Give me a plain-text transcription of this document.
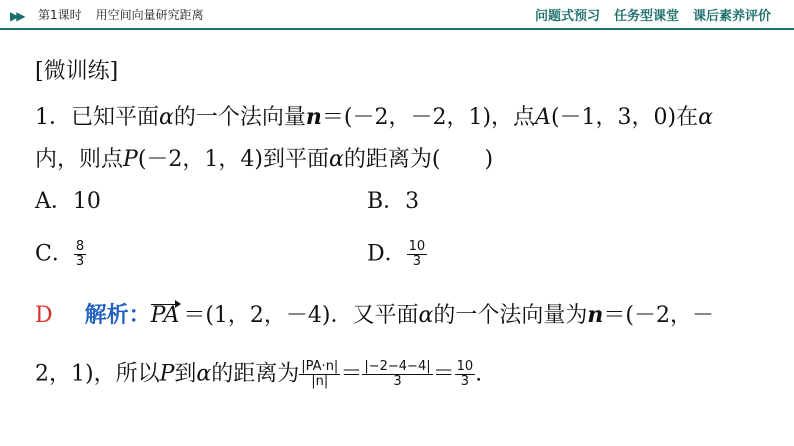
▶▶ 第1课时 用空间向量研究距离	问题式预习 任务型课堂 课后素养评价
[微训练]
1．已知平面α的一个法向量n＝(－2，－2，1)，点A(－1，3，0)在α
内，则点P(－2，1，4)到平面α的距离为(　　)
A．10	B．3
C． $\frac{8}{3}$	D． $\frac{10}{3}$
D 解析：PA ＝(1，2，－4)．又平面α的一个法向量为n＝(－2，－
2，1)，所以P到α的距离为 $\frac{|PA\cdot n|}{|n|} = \frac{|-2-4-4|}{3} = \frac{10}{3}$ .
